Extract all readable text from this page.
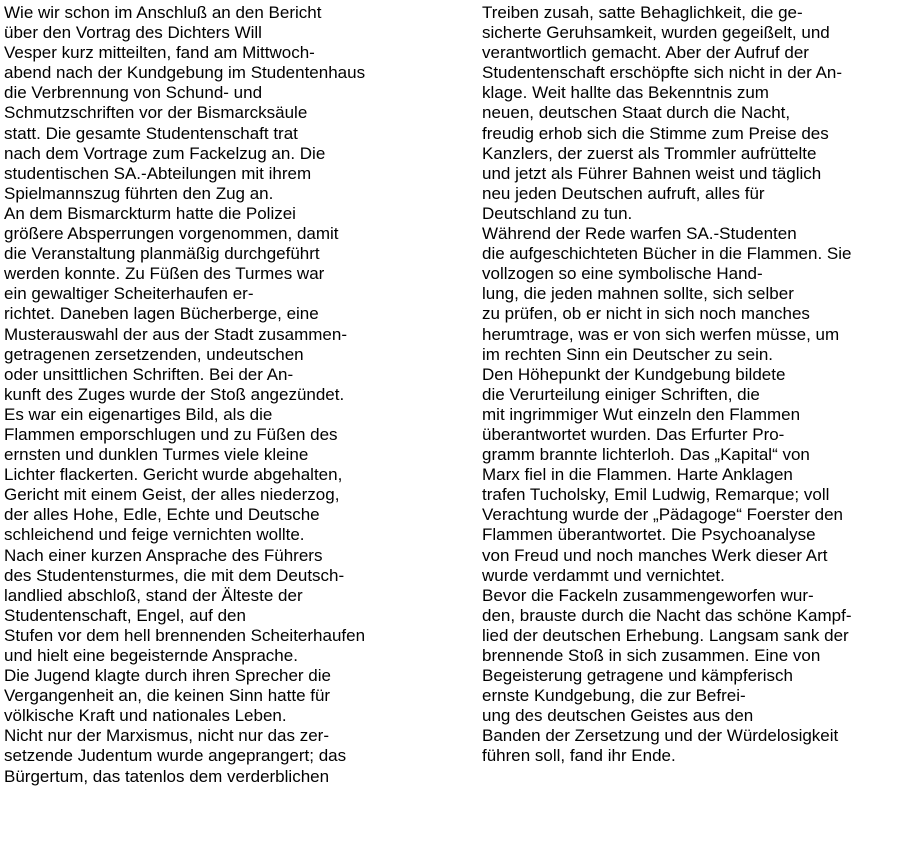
Wie wir schon im Anschluß an den Bericht
über den Vortrag des Dichters Will
Vesper kurz mitteilten, fand am Mittwoch-
abend nach der Kundgebung im Studentenhaus
die Verbrennung von Schund- und
Schmutzschriften vor der Bismarcksäule
statt. Die gesamte Studentenschaft trat
nach dem Vortrage zum Fackelzug an. Die
studentischen SA.-Abteilungen mit ihrem
Spielmannszug führten den Zug an.
An dem Bismarckturm hatte die Polizei
größere Absperrungen vorgenommen, damit
die Veranstaltung planmäßig durchgeführt
werden konnte. Zu Füßen des Turmes war
ein gewaltiger Scheiterhaufen er-
richtet. Daneben lagen Bücherberge, eine
Musterauswahl der aus der Stadt zusammen-
getragenen zersetzenden, undeutschen
oder unsittlichen Schriften. Bei der An-
kunft des Zuges wurde der Stoß angezündet.
Es war ein eigenartiges Bild, als die
Flammen emporschlugen und zu Füßen des
ernsten und dunklen Turmes viele kleine
Lichter flackerten. Gericht wurde abgehalten,
Gericht mit einem Geist, der alles niederzog,
der alles Hohe, Edle, Echte und Deutsche
schleichend und feige vernichten wollte.
Nach einer kurzen Ansprache des Führers
des Studentensturmes, die mit dem Deutsch-
landlied abschloß, stand der Älteste der
Studentenschaft, Engel, auf den
Stufen vor dem hell brennenden Scheiterhaufen
und hielt eine begeisternde Ansprache.
Die Jugend klagte durch ihren Sprecher die
Vergangenheit an, die keinen Sinn hatte für
völkische Kraft und nationales Leben.
Nicht nur der Marxismus, nicht nur das zer-
setzende Judentum wurde angeprangert; das
Bürgertum, das tatenlos dem verderblichen
Treiben zusah, satte Behaglichkeit, die ge-
sicherte Geruhsamkeit, wurden gegeißelt, und
verantwortlich gemacht. Aber der Aufruf der
Studentenschaft erschöpfte sich nicht in der An-
klage. Weit hallte das Bekenntnis zum
neuen, deutschen Staat durch die Nacht,
freudig erhob sich die Stimme zum Preise des
Kanzlers, der zuerst als Trommler aufrüttelte
und jetzt als Führer Bahnen weist und täglich
neu jeden Deutschen aufruft, alles für
Deutschland zu tun.
Während der Rede warfen SA.-Studenten
die aufgeschichteten Bücher in die Flammen. Sie
vollzogen so eine symbolische Hand-
lung, die jeden mahnen sollte, sich selber
zu prüfen, ob er nicht in sich noch manches
herumtrage, was er von sich werfen müsse, um
im rechten Sinn ein Deutscher zu sein.
Den Höhepunkt der Kundgebung bildete
die Verurteilung einiger Schriften, die
mit ingrimmiger Wut einzeln den Flammen
überantwortet wurden. Das Erfurter Pro-
gramm brannte lichterloh. Das „Kapital“ von
Marx fiel in die Flammen. Harte Anklagen
trafen Tucholsky, Emil Ludwig, Remarque; voll
Verachtung wurde der „Pädagoge“ Foerster den
Flammen überantwortet. Die Psychoanalyse
von Freud und noch manches Werk dieser Art
wurde verdammt und vernichtet.
Bevor die Fackeln zusammengeworfen wur-
den, brauste durch die Nacht das schöne Kampf-
lied der deutschen Erhebung. Langsam sank der
brennende Stoß in sich zusammen. Eine von
Begeisterung getragene und kämpferisch
ernste Kundgebung, die zur Befrei-
ung des deutschen Geistes aus den
Banden der Zersetzung und der Würdelosigkeit
führen soll, fand ihr Ende.
